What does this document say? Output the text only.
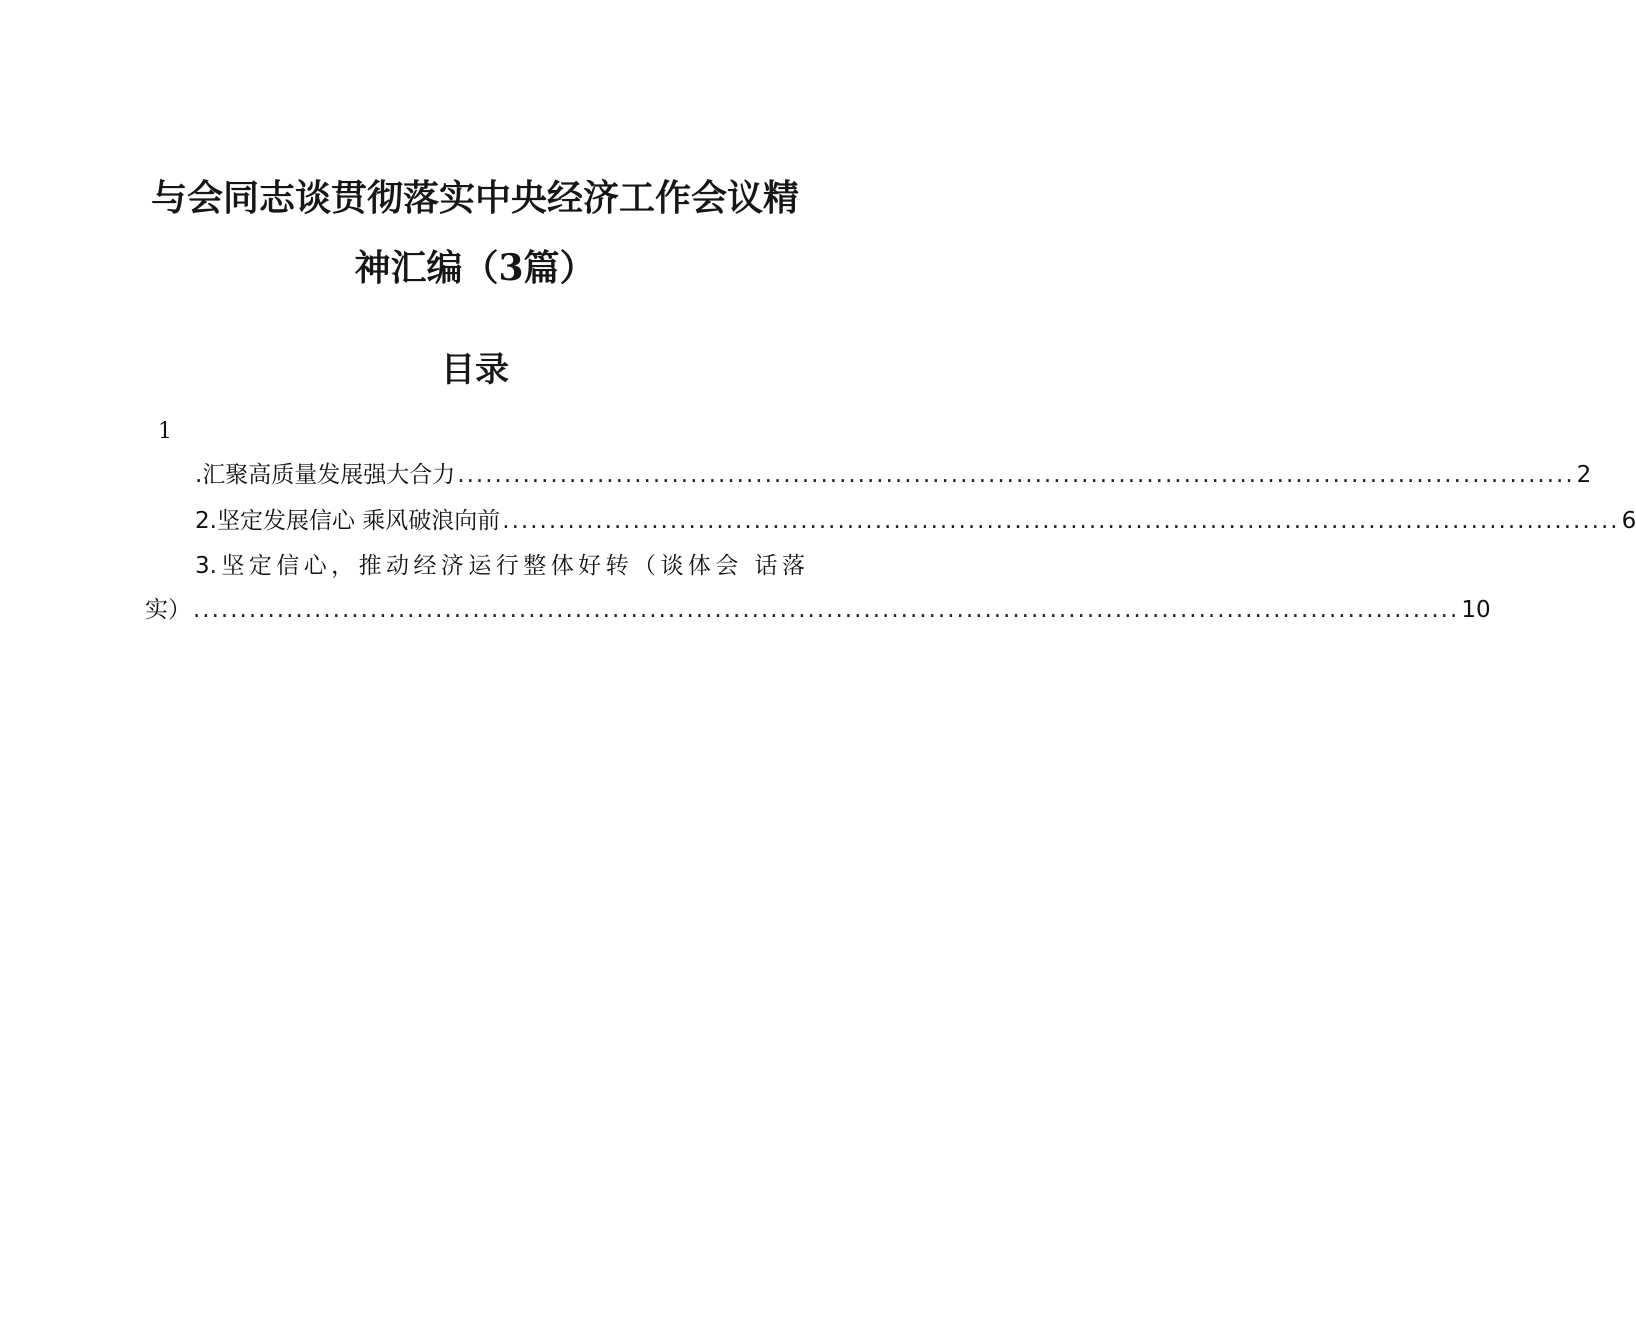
与会同志谈贯彻落实中央经济工作会议精
神汇编（3篇）
目录
1
.汇聚高质量发展强大合力 ........................................................................................................................ 2
2.坚定发展信心 乘风破浪向前 ........................................................................................................................ 6
3.坚定信心，推动经济运行整体好转（谈体会 话落
实） ........................................................................................................................................ 10
